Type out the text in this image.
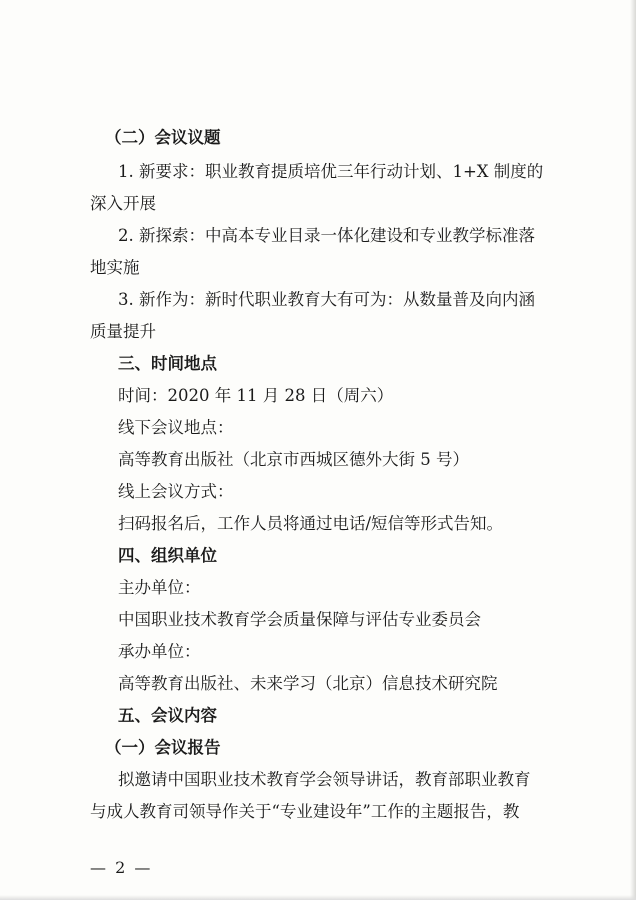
（二）会议议题
1. 新要求：职业教育提质培优三年行动计划、1+X 制度的
深入开展
2. 新探索：中高本专业目录一体化建设和专业教学标准落
地实施
3. 新作为：新时代职业教育大有可为：从数量普及向内涵
质量提升
三、时间地点
时间：2020 年 11 月 28 日（周六）
线下会议地点：
高等教育出版社（北京市西城区德外大街 5 号）
线上会议方式：
扫码报名后，工作人员将通过电话/短信等形式告知。
四、组织单位
主办单位：
中国职业技术教育学会质量保障与评估专业委员会
承办单位：
高等教育出版社、未来学习（北京）信息技术研究院
五、会议内容
（一）会议报告
拟邀请中国职业技术教育学会领导讲话，教育部职业教育
与成人教育司领导作关于“专业建设年”工作的主题报告，教
— 2 —
